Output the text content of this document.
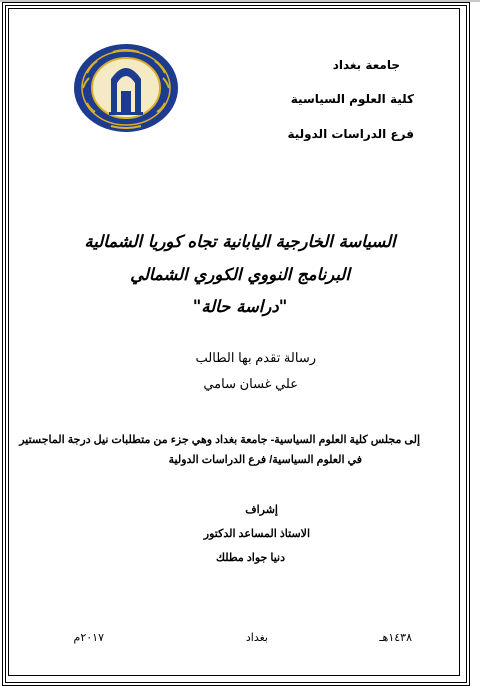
جامعة بغداد
كلية العلوم السياسية
فرع الدراسات الدولية
السياسة الخارجية اليابانية تجاه كوريا الشمالية
البرنامج النووي الكوري الشمالي
"دراسة حالة"
رسالة تقدم بها الطالب
علي غسان سامي
إلى مجلس كلية العلوم السياسية- جامعة بغداد وهي جزء من متطلبات نيل درجة الماجستير
في العلوم السياسية/ فرع الدراسات الدولية
إشراف
الاستاذ المساعد الدكتور
دنيا جواد مطلك
١٤٣٨هـ
بغداد
٢٠١٧م
